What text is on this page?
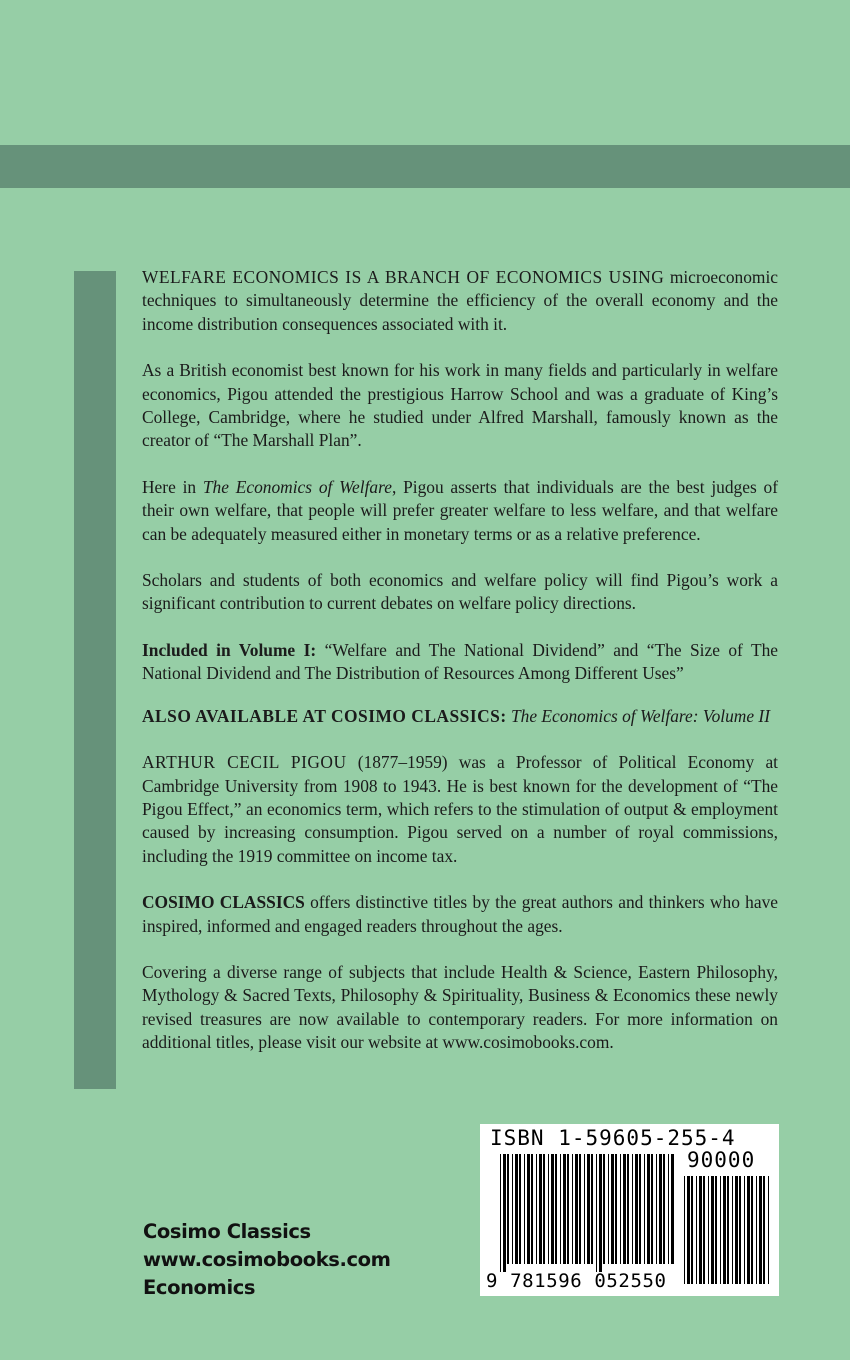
WELFARE ECONOMICS IS A BRANCH OF ECONOMICS USING microeconomic techniques to simultaneously determine the efficiency of the overall economy and the income distribution consequences associated with it.

As a British economist best known for his work in many fields and particularly in welfare economics, Pigou attended the prestigious Harrow School and was a graduate of King’s College, Cambridge, where he studied under Alfred Marshall, famously known as the creator of “The Marshall Plan”.

Here in The Economics of Welfare, Pigou asserts that individuals are the best judges of their own welfare, that people will prefer greater welfare to less welfare, and that welfare can be adequately measured either in monetary terms or as a relative preference.

Scholars and students of both economics and welfare policy will find Pigou’s work a significant contribution to current debates on welfare policy directions.

Included in Volume I: “Welfare and The National Dividend” and “The Size of The National Dividend and The Distribution of Resources Among Different Uses”

ALSO AVAILABLE AT COSIMO CLASSICS: The Economics of Welfare: Volume II

ARTHUR CECIL PIGOU (1877–1959) was a Professor of Political Economy at Cambridge University from 1908 to 1943. He is best known for the development of “The Pigou Effect,” an economics term, which refers to the stimulation of output & employment caused by increasing consumption. Pigou served on a number of royal commissions, including the 1919 committee on income tax.

COSIMO CLASSICS offers distinctive titles by the great authors and thinkers who have inspired, informed and engaged readers throughout the ages.

Covering a diverse range of subjects that include Health & Science, Eastern Philosophy, Mythology & Sacred Texts, Philosophy & Spirituality, Business & Economics these newly revised treasures are now available to contemporary readers. For more information on additional titles, please visit our website at www.cosimobooks.com.

ISBN 1-59605-255-4
90000
9 781596 052550
Cosimo Classics
www.cosimobooks.com
Economics
